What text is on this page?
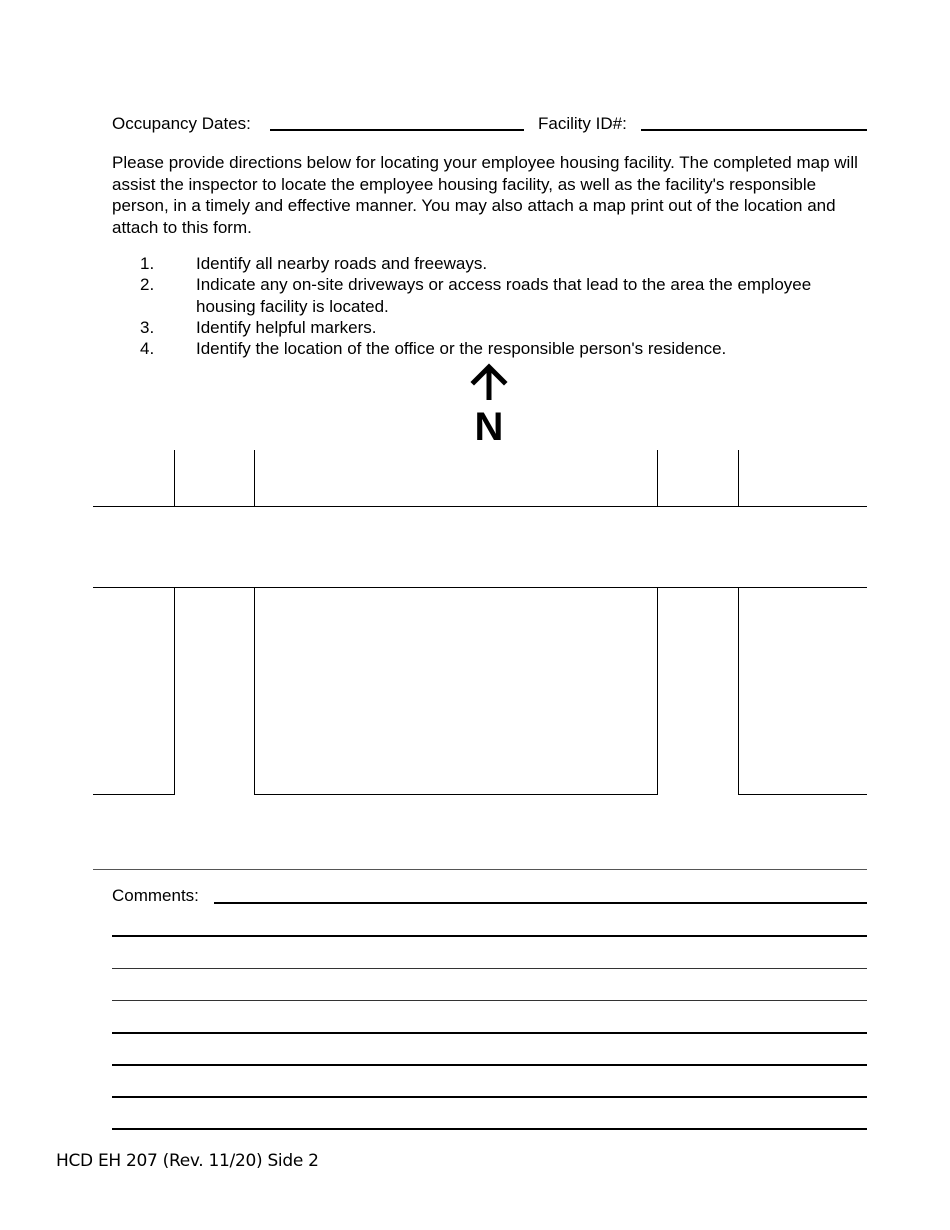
Occupancy Dates:	Facility ID#:
Please provide directions below for locating your employee housing facility. The completed map will assist the inspector to locate the employee housing facility, as well as the facility's responsible person, in a timely and effective manner. You may also attach a map print out of the location and attach to this form.
1. Identify all nearby roads and freeways.
2. Indicate any on-site driveways or access roads that lead to the area the employee housing facility is located.
3. Identify helpful markers.
4. Identify the location of the office or the responsible person's residence.
N
Comments:
HCD EH 207 (Rev. 11/20) Side 2
